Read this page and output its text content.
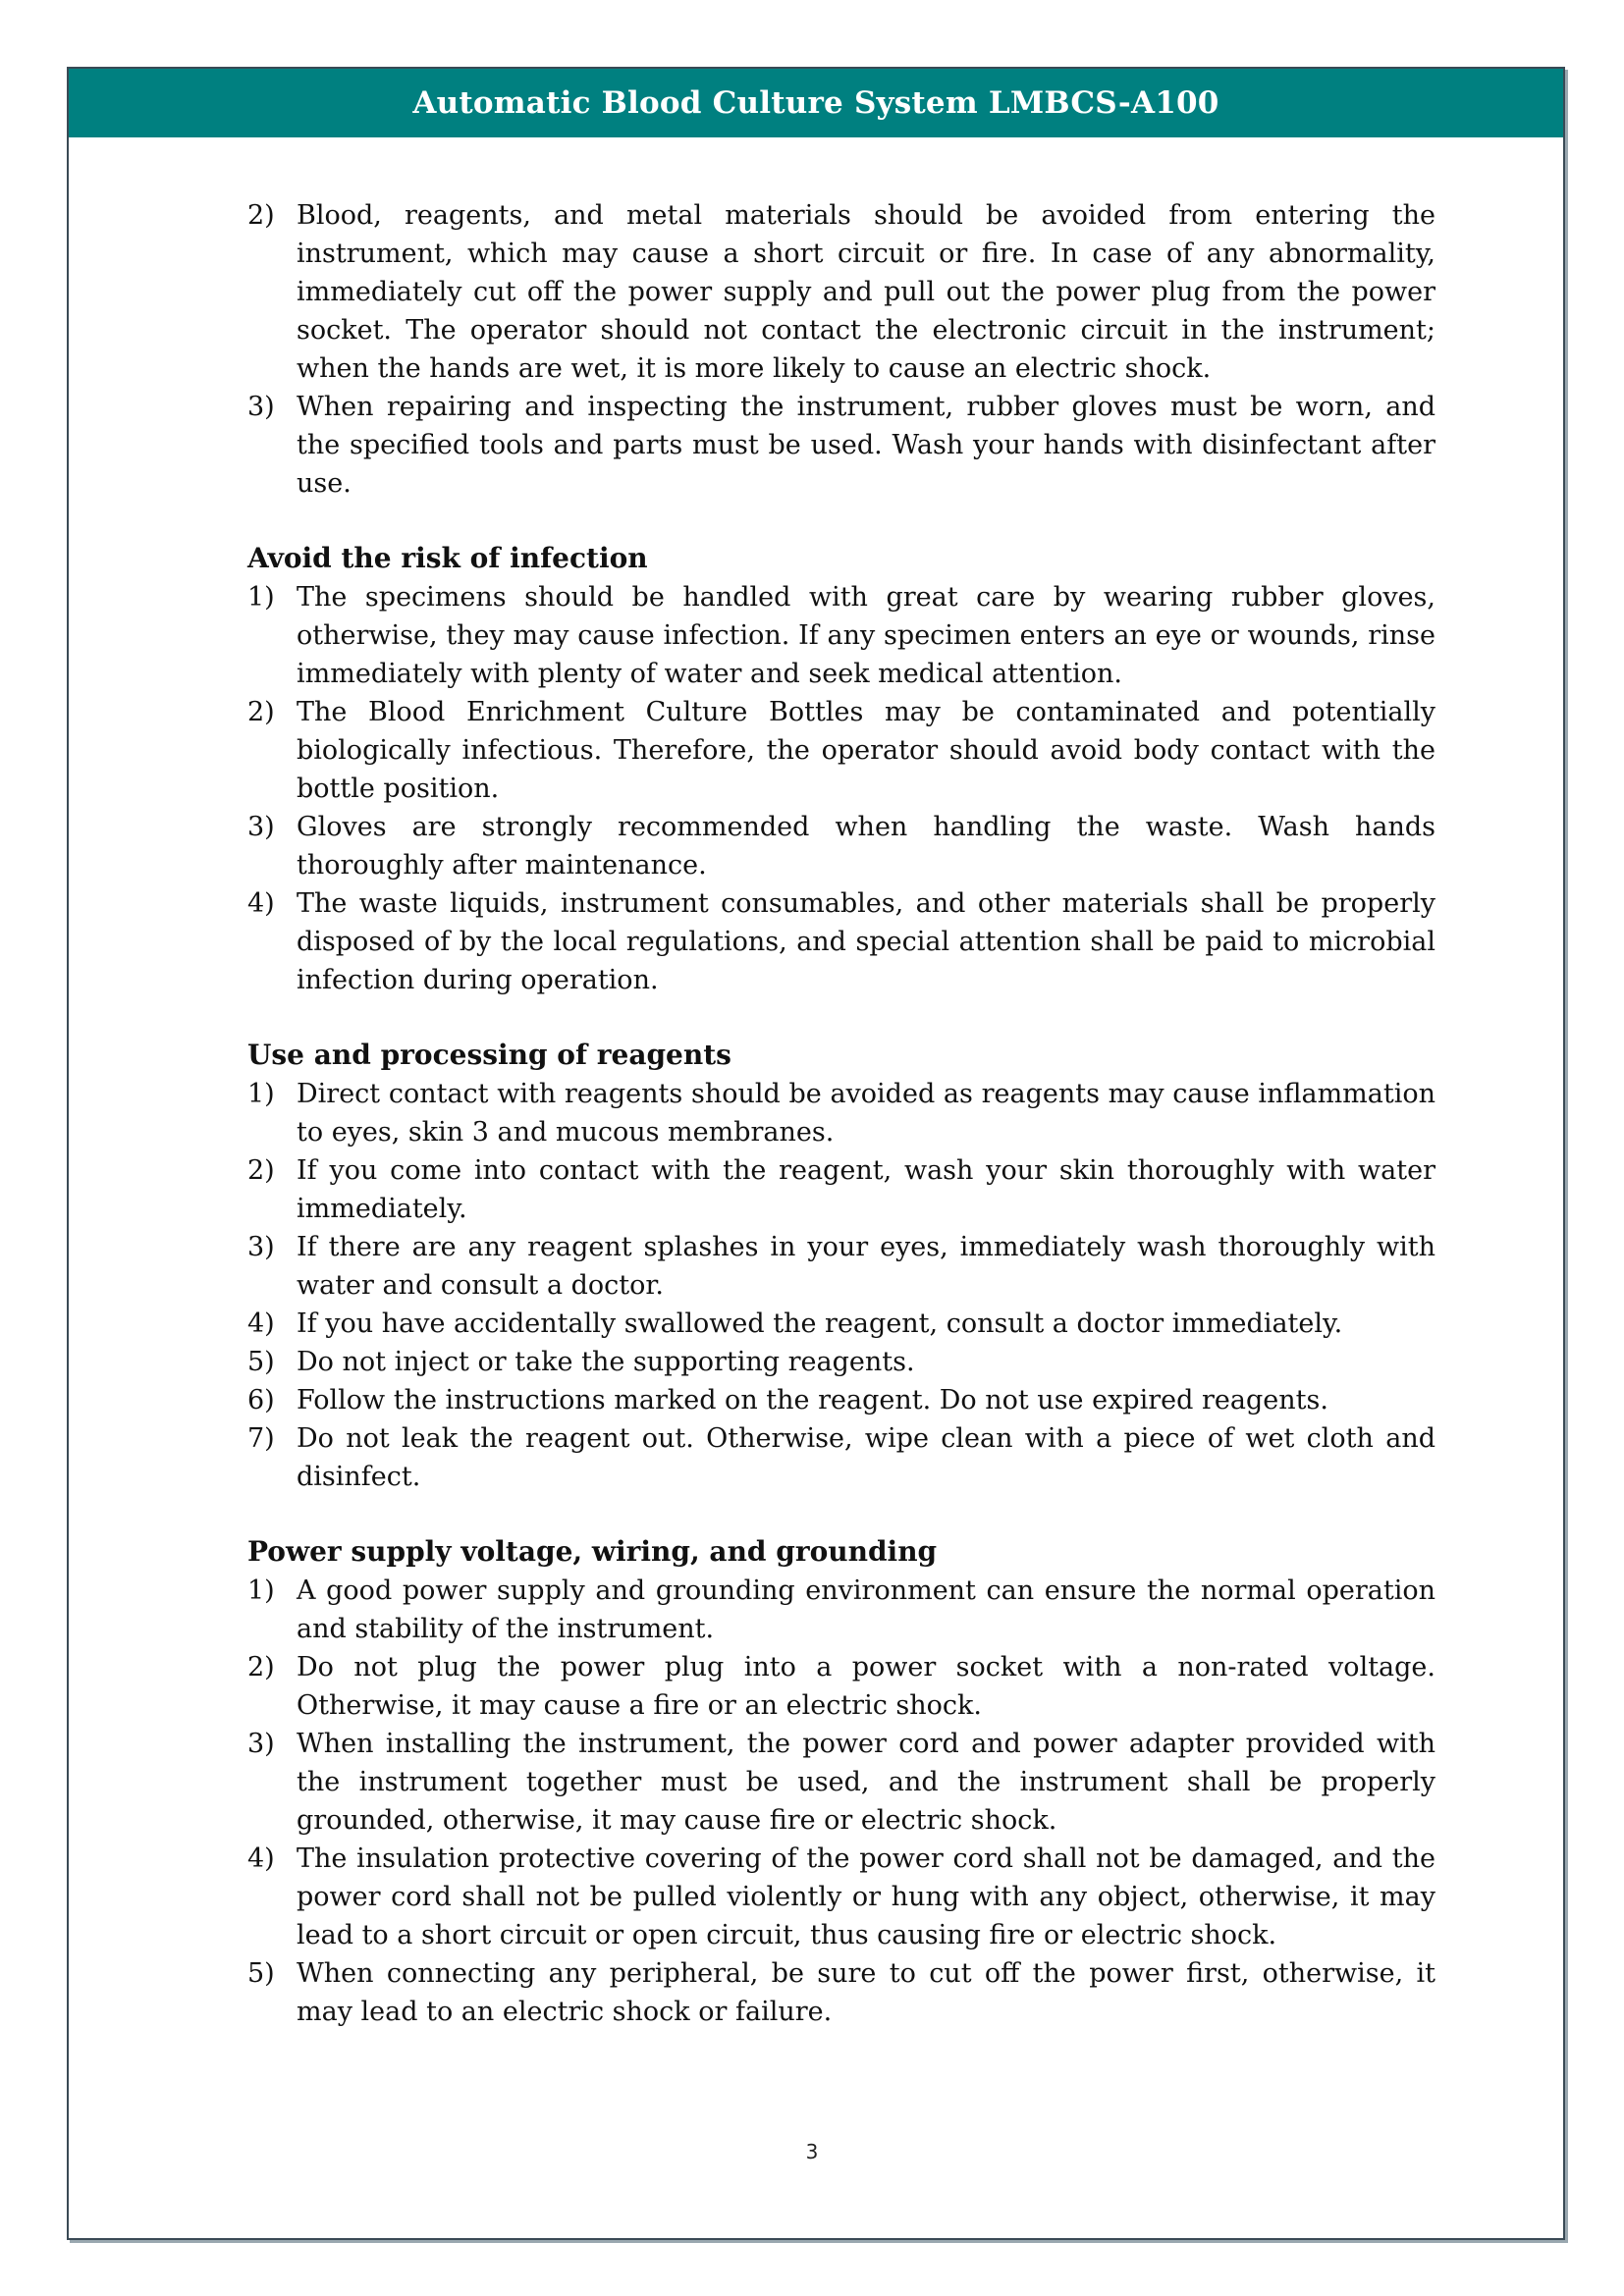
Automatic Blood Culture System LMBCS-A100
2) Blood, reagents, and metal materials should be avoided from entering the instrument, which may cause a short circuit or fire. In case of any abnormality, immediately cut off the power supply and pull out the power plug from the power socket. The operator should not contact the electronic circuit in the instrument; when the hands are wet, it is more likely to cause an electric shock.
3) When repairing and inspecting the instrument, rubber gloves must be worn, and the specified tools and parts must be used. Wash your hands with disinfectant after use.
Avoid the risk of infection
1) The specimens should be handled with great care by wearing rubber gloves, otherwise, they may cause infection. If any specimen enters an eye or wounds, rinse immediately with plenty of water and seek medical attention.
2) The Blood Enrichment Culture Bottles may be contaminated and potentially biologically infectious. Therefore, the operator should avoid body contact with the bottle position.
3) Gloves are strongly recommended when handling the waste. Wash hands thoroughly after maintenance.
4) The waste liquids, instrument consumables, and other materials shall be properly disposed of by the local regulations, and special attention shall be paid to microbial infection during operation.
Use and processing of reagents
1) Direct contact with reagents should be avoided as reagents may cause inflammation to eyes, skin 3 and mucous membranes.
2) If you come into contact with the reagent, wash your skin thoroughly with water immediately.
3) If there are any reagent splashes in your eyes, immediately wash thoroughly with water and consult a doctor.
4) If you have accidentally swallowed the reagent, consult a doctor immediately.
5) Do not inject or take the supporting reagents.
6) Follow the instructions marked on the reagent. Do not use expired reagents.
7) Do not leak the reagent out. Otherwise, wipe clean with a piece of wet cloth and disinfect.
Power supply voltage, wiring, and grounding
1) A good power supply and grounding environment can ensure the normal operation and stability of the instrument.
2) Do not plug the power plug into a power socket with a non-rated voltage. Otherwise, it may cause a fire or an electric shock.
3) When installing the instrument, the power cord and power adapter provided with the instrument together must be used, and the instrument shall be properly grounded, otherwise, it may cause fire or electric shock.
4) The insulation protective covering of the power cord shall not be damaged, and the power cord shall not be pulled violently or hung with any object, otherwise, it may lead to a short circuit or open circuit, thus causing fire or electric shock.
5) When connecting any peripheral, be sure to cut off the power first, otherwise, it may lead to an electric shock or failure.
3
